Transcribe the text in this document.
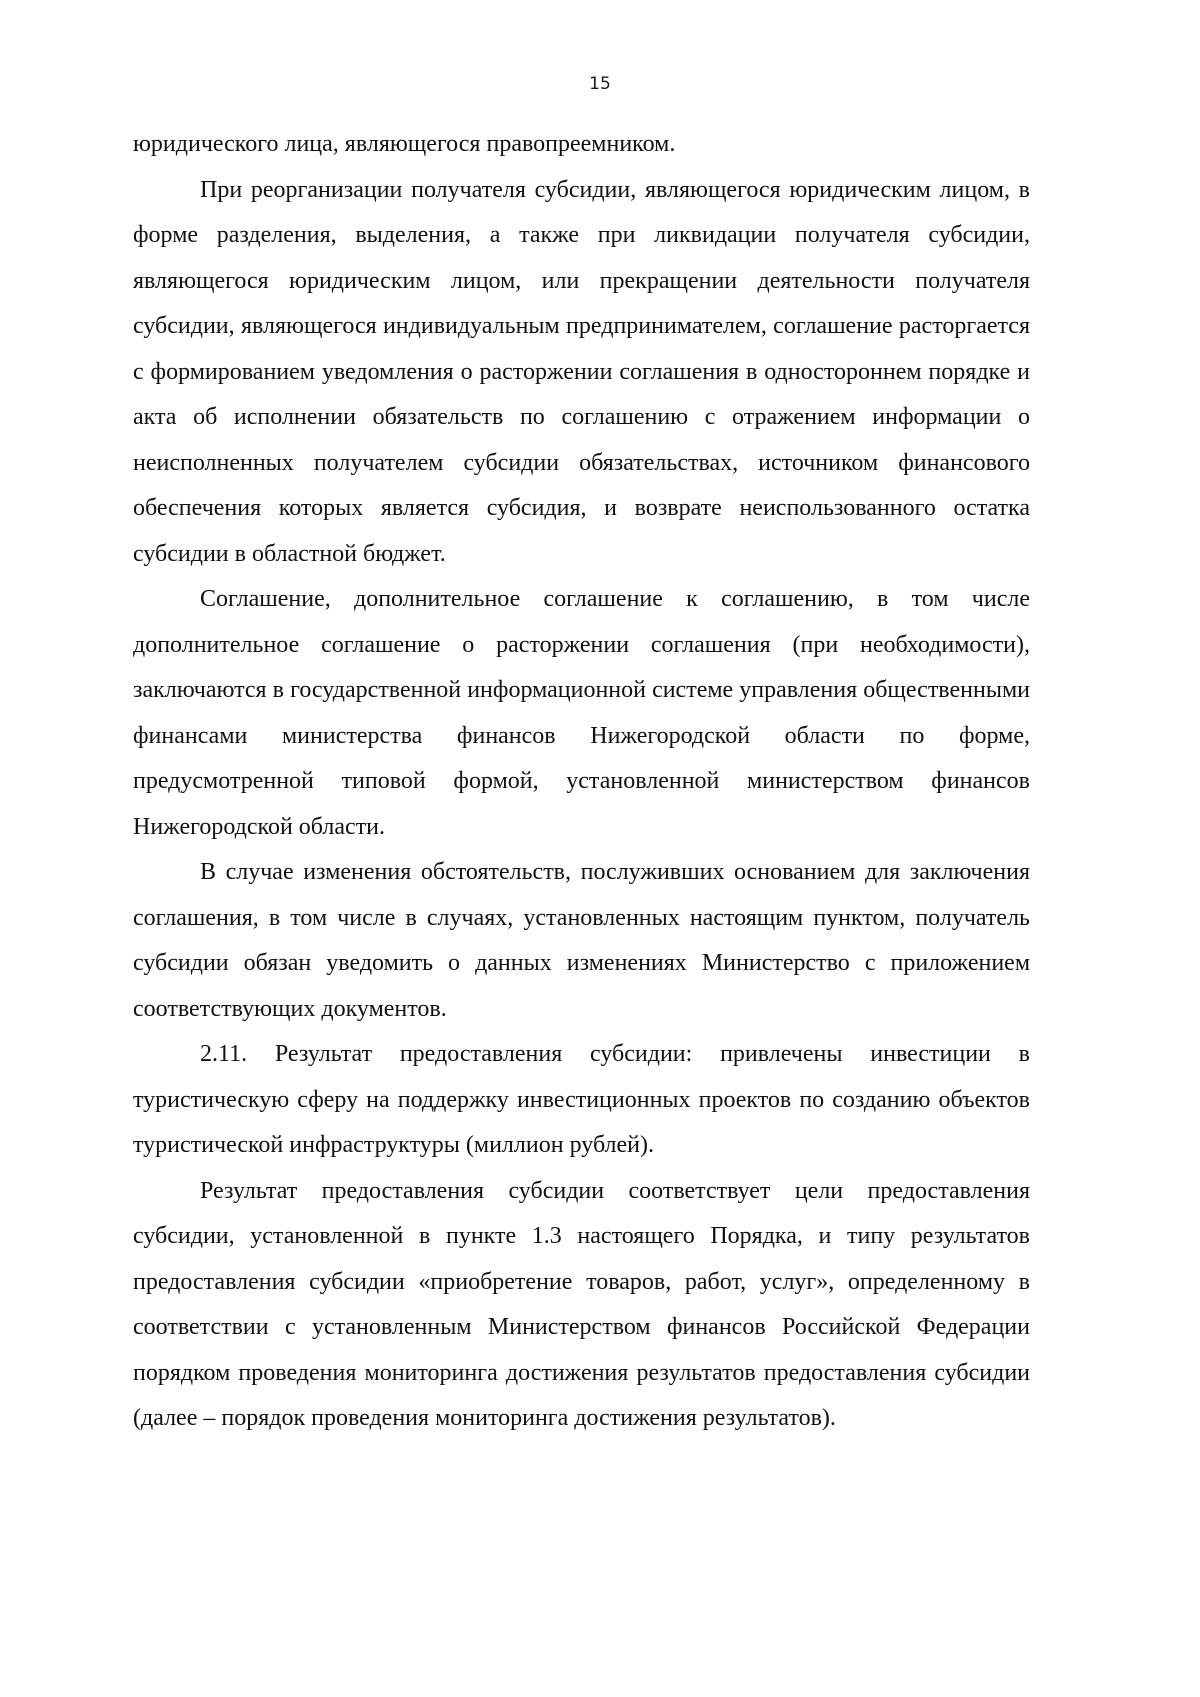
15

юридического лица, являющегося правопреемником.

При реорганизации получателя субсидии, являющегося юридическим лицом, в форме разделения, выделения, а также при ликвидации получателя субсидии, являющегося юридическим лицом, или прекращении деятельности получателя субсидии, являющегося индивидуальным предпринимателем, соглашение расторгается с формированием уведомления о расторжении соглашения в одностороннем порядке и акта об исполнении обязательств по соглашению с отражением информации о неисполненных получателем субсидии обязательствах, источником финансового обеспечения которых является субсидия, и возврате неиспользованного остатка субсидии в областной бюджет.

Соглашение, дополнительное соглашение к соглашению, в том числе дополнительное соглашение о расторжении соглашения (при необходимости), заключаются в государственной информационной системе управления общественными финансами министерства финансов Нижегородской области по форме, предусмотренной типовой формой, установленной министерством финансов Нижегородской области.

В случае изменения обстоятельств, послуживших основанием для заключения соглашения, в том числе в случаях, установленных настоящим пунктом, получатель субсидии обязан уведомить о данных изменениях Министерство с приложением соответствующих документов.

2.11. Результат предоставления субсидии: привлечены инвестиции в туристическую сферу на поддержку инвестиционных проектов по созданию объектов туристической инфраструктуры (миллион рублей).

Результат предоставления субсидии соответствует цели предоставления субсидии, установленной в пункте 1.3 настоящего Порядка, и типу результатов предоставления субсидии «приобретение товаров, работ, услуг», определенному в соответствии с установленным Министерством финансов Российской Федерации порядком проведения мониторинга достижения результатов предоставления субсидии (далее – порядок проведения мониторинга достижения результатов).
